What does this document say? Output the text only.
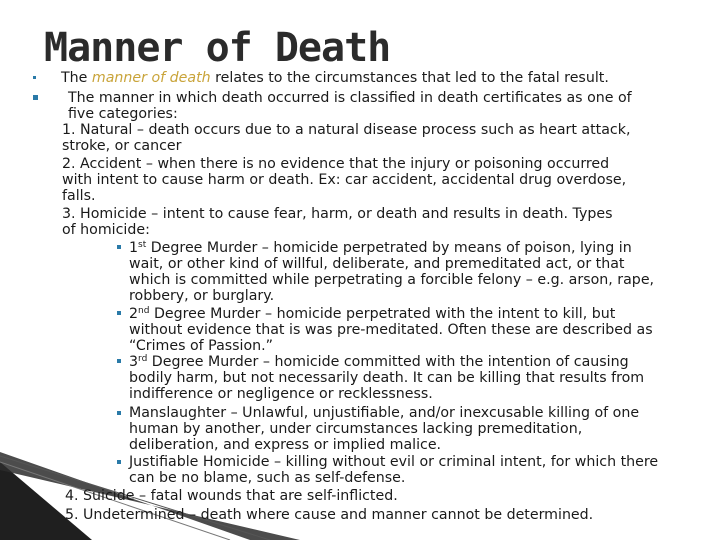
Manner of Death
The manner of death relates to the circumstances that led to the fatal result.
The manner in which death occurred is classified in death certificates as one of
five categories:
1. Natural – death occurs due to a natural disease process such as heart attack,
stroke, or cancer
2. Accident – when there is no evidence that the injury or poisoning occurred
with intent to cause harm or death. Ex: car accident, accidental drug overdose,
falls.
3. Homicide – intent to cause fear, harm, or death and results in death. Types
of homicide:
1st Degree Murder – homicide perpetrated by means of poison, lying in
wait, or other kind of willful, deliberate, and premeditated act, or that
which is committed while perpetrating a forcible felony – e.g. arson, rape,
robbery, or burglary.
2nd Degree Murder – homicide perpetrated with the intent to kill, but
without evidence that is was pre-meditated. Often these are described as
“Crimes of Passion.”
3rd Degree Murder – homicide committed with the intention of causing
bodily harm, but not necessarily death. It can be killing that results from
indifference or negligence or recklessness.
Manslaughter – Unlawful, unjustifiable, and/or inexcusable killing of one
human by another, under circumstances lacking premeditation,
deliberation, and express or implied malice.
Justifiable Homicide – killing without evil or criminal intent, for which there
can be no blame, such as self-defense.
4. Suicide – fatal wounds that are self-inflicted.
5. Undetermined – death where cause and manner cannot be determined.
